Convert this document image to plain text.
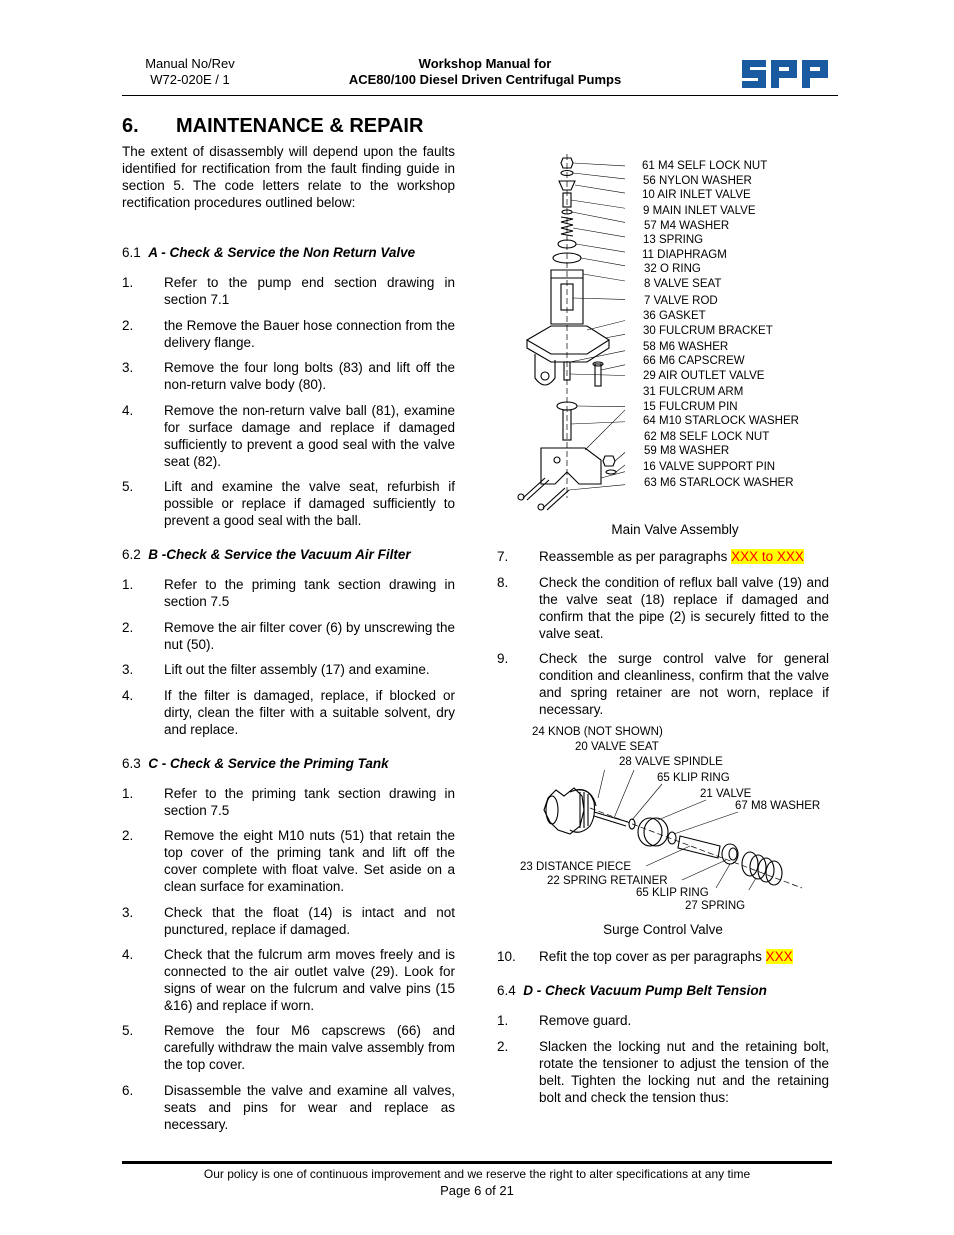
Manual No/Rev
W72-020E / 1
Workshop Manual for
ACE80/100 Diesel Driven Centrifugal Pumps
6. MAINTENANCE & REPAIR
The extent of disassembly will depend upon the faults identified for rectification from the fault finding guide in section 5. The code letters relate to the workshop rectification procedures outlined below:
6.1 A - Check & Service the Non Return Valve
1. Refer to the pump end section drawing in section 7.1
2. the Remove the Bauer hose connection from the delivery flange.
3. Remove the four long bolts (83) and lift off the non-return valve body (80).
4. Remove the non-return valve ball (81), examine for surface damage and replace if damaged sufficiently to prevent a good seal with the valve seat (82).
5. Lift and examine the valve seat, refurbish if possible or replace if damaged sufficiently to prevent a good seal with the ball.
6.2 B -Check & Service the Vacuum Air Filter
1. Refer to the priming tank section drawing in section 7.5
2. Remove the air filter cover (6) by unscrewing the nut (50).
3. Lift out the filter assembly (17) and examine.
4. If the filter is damaged, replace, if blocked or dirty, clean the filter with a suitable solvent, dry and replace.
6.3 C - Check & Service the Priming Tank
1. Refer to the priming tank section drawing in section 7.5
2. Remove the eight M10 nuts (51) that retain the top cover of the priming tank and lift off the cover complete with float valve. Set aside on a clean surface for examination.
3. Check that the float (14) is intact and not punctured, replace if damaged.
4. Check that the fulcrum arm moves freely and is connected to the air outlet valve (29). Look for signs of wear on the fulcrum and valve pins (15 &16) and replace if worn.
5. Remove the four M6 capscrews (66) and carefully withdraw the main valve assembly from the top cover.
6. Disassemble the valve and examine all valves, seats and pins for wear and replace as necessary.
61 M4 SELF LOCK NUT
56 NYLON WASHER
10 AIR INLET VALVE
9 MAIN INLET VALVE
57 M4 WASHER
13 SPRING
11 DIAPHRAGM
32 O RING
8 VALVE SEAT
7 VALVE ROD
36 GASKET
30 FULCRUM BRACKET
58 M6 WASHER
66 M6 CAPSCREW
29 AIR OUTLET VALVE
31 FULCRUM ARM
15 FULCRUM PIN
64 M10 STARLOCK WASHER
62 M8 SELF LOCK NUT
59 M8 WASHER
16 VALVE SUPPORT PIN
63 M6 STARLOCK WASHER
Main Valve Assembly
7. Reassemble as per paragraphs XXX to XXX
8. Check the condition of reflux ball valve (19) and the valve seat (18) replace if damaged and confirm that the pipe (2) is securely fitted to the valve seat.
9. Check the surge control valve for general condition and cleanliness, confirm that the valve and spring retainer are not worn, replace if necessary.
24 KNOB (NOT SHOWN)
20 VALVE SEAT
28 VALVE SPINDLE
65 KLIP RING
21 VALVE
67 M8 WASHER
23 DISTANCE PIECE
22 SPRING RETAINER
65 KLIP RING
27 SPRING
Surge Control Valve
10. Refit the top cover as per paragraphs XXX
6.4 D - Check Vacuum Pump Belt Tension
1. Remove guard.
2. Slacken the locking nut and the retaining bolt, rotate the tensioner to adjust the tension of the belt. Tighten the locking nut and the retaining bolt and check the tension thus:
Our policy is one of continuous improvement and we reserve the right to alter specifications at any time
Page 6 of 21
